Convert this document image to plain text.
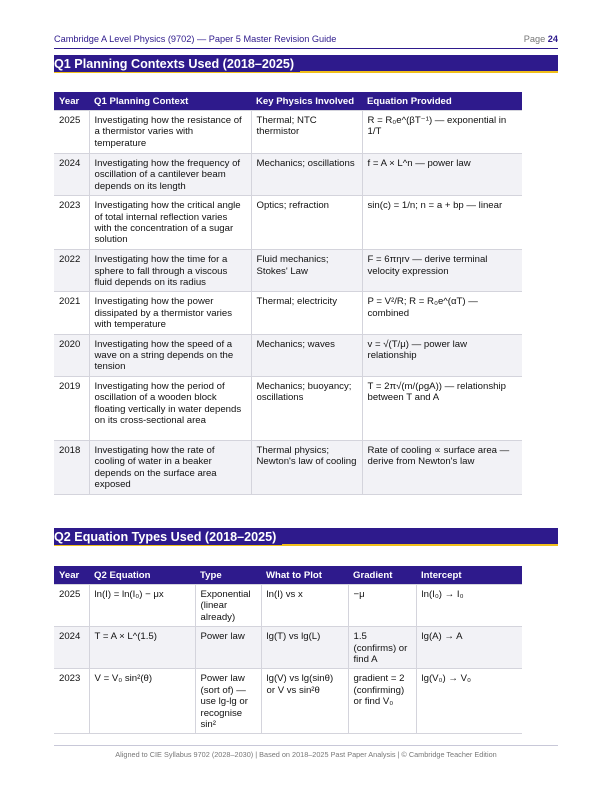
Cambridge A Level Physics (9702) — Paper 5 Master Revision Guide	Page 24
Q1 Planning Contexts Used (2018–2025)
Year	Q1 Planning Context	Key Physics Involved	Equation Provided
2025	Investigating how the resistance of a thermistor varies with temperature	Thermal; NTC thermistor	R = R₀e^(βT⁻¹) — exponential in 1/T
2024	Investigating how the frequency of oscillation of a cantilever beam depends on its length	Mechanics; oscillations	f = A × L^n — power law
2023	Investigating how the critical angle of total internal reflection varies with the concentration of a sugar solution	Optics; refraction	sin(c) = 1/n; n = a + bp — linear
2022	Investigating how the time for a sphere to fall through a viscous fluid depends on its radius	Fluid mechanics; Stokes' Law	F = 6πηrv — derive terminal velocity expression
2021	Investigating how the power dissipated by a thermistor varies with temperature	Thermal; electricity	P = V²/R; R = R₀e^(αT) — combined
2020	Investigating how the speed of a wave on a string depends on the tension	Mechanics; waves	v = √(T/μ) — power law relationship
2019	Investigating how the period of oscillation of a wooden block floating vertically in water depends on its cross-sectional area	Mechanics; buoyancy; oscillations	T = 2π√(m/(ρgA)) — relationship between T and A
2018	Investigating how the rate of cooling of water in a beaker depends on the surface area exposed	Thermal physics; Newton's law of cooling	Rate of cooling ∝ surface area — derive from Newton's law
Q2 Equation Types Used (2018–2025)
Year	Q2 Equation	Type	What to Plot	Gradient	Intercept
2025	ln(I) = ln(I₀) − μx	Exponential (linear already)	ln(I) vs x	−μ	ln(I₀) → I₀
2024	T = A × L^(1.5)	Power law	lg(T) vs lg(L)	1.5 (confirms) or find A	lg(A) → A
2023	V = V₀ sin²(θ)	Power law (sort of) — use lg-lg or recognise sin²	lg(V) vs lg(sinθ) or V vs sin²θ	gradient = 2 (confirming) or find V₀	lg(V₀) → V₀
Aligned to CIE Syllabus 9702 (2028–2030) | Based on 2018–2025 Past Paper Analysis | © Cambridge Teacher Edition
